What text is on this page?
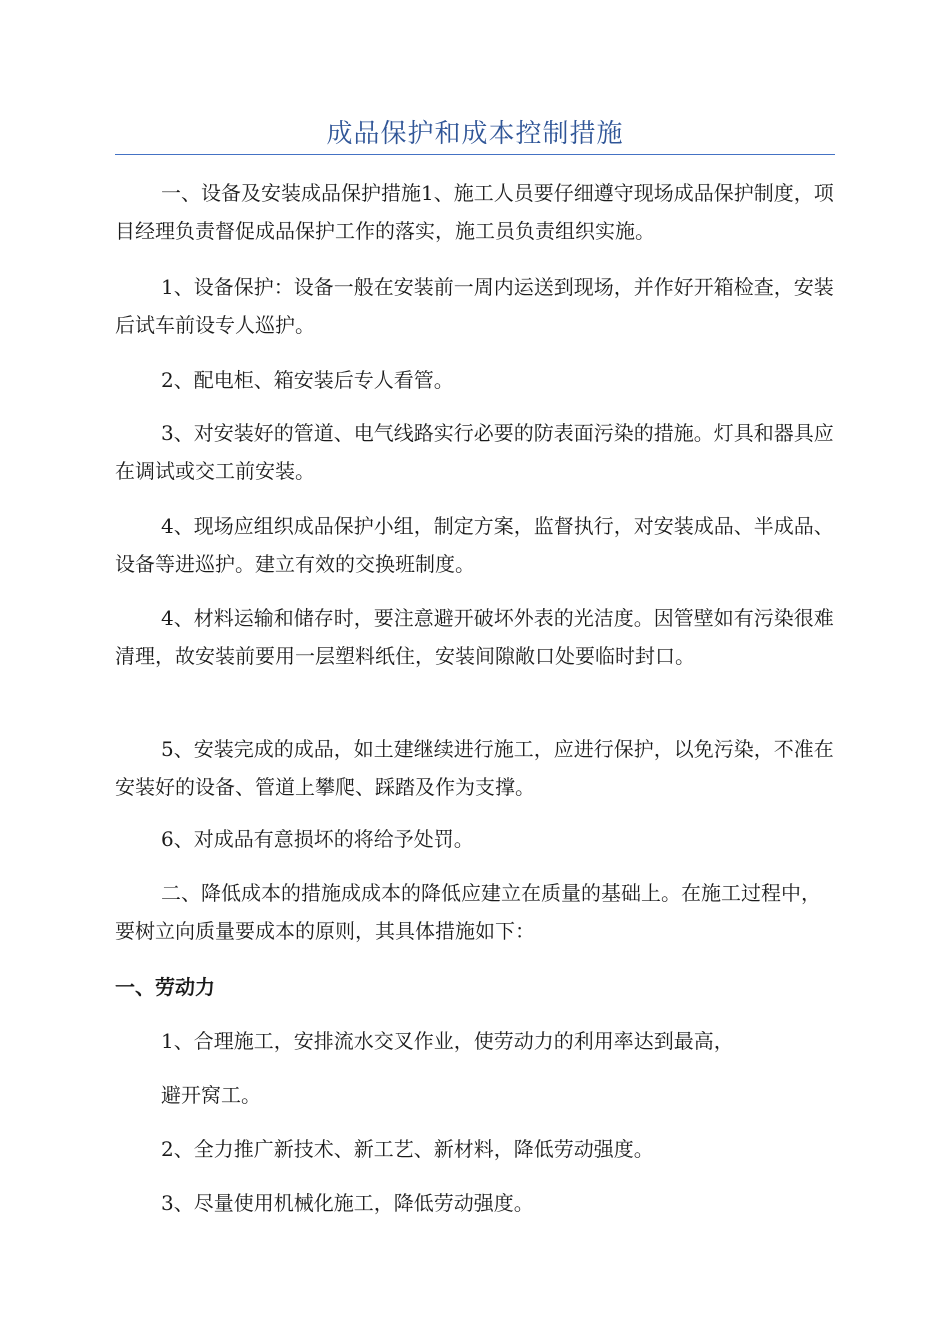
成品保护和成本控制措施

一、设备及安装成品保护措施1、施工人员要仔细遵守现场成品保护制度，项目经理负责督促成品保护工作的落实，施工员负责组织实施。

1、设备保护：设备一般在安装前一周内运送到现场，并作好开箱检查，安装后试车前设专人巡护。

2、配电柜、箱安装后专人看管。

3、对安装好的管道、电气线路实行必要的防表面污染的措施。灯具和器具应在调试或交工前安装。

4、现场应组织成品保护小组，制定方案，监督执行，对安装成品、半成品、设备等进巡护。建立有效的交换班制度。

4、材料运输和储存时，要注意避开破坏外表的光洁度。因管壁如有污染很难清理，故安装前要用一层塑料纸住，安装间隙敞口处要临时封口。

5、安装完成的成品，如土建继续进行施工，应进行保护，以免污染，不准在安装好的设备、管道上攀爬、踩踏及作为支撑。

6、对成品有意损坏的将给予处罚。

二、降低成本的措施成成本的降低应建立在质量的基础上。在施工过程中，要树立向质量要成本的原则，其具体措施如下：

一、劳动力

1、合理施工，安排流水交叉作业，使劳动力的利用率达到最高，

避开窝工。

2、全力推广新技术、新工艺、新材料，降低劳动强度。

3、尽量使用机械化施工，降低劳动强度。
